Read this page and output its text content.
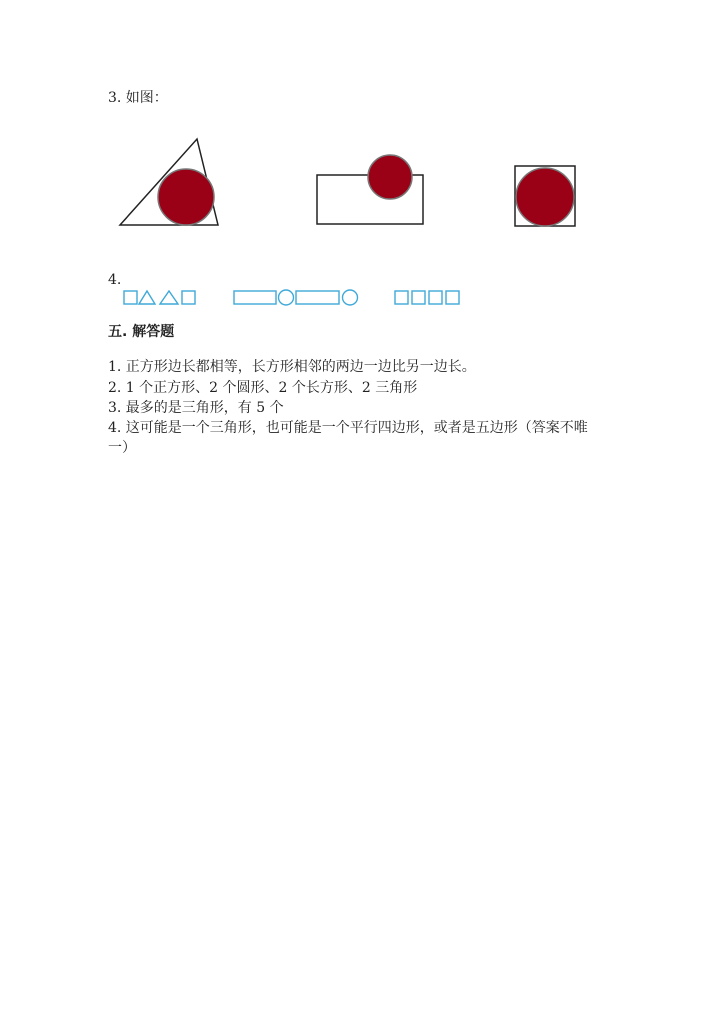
3. 如图：
4.
五. 解答题
1. 正方形边长都相等，长方形相邻的两边一边比另一边长。
2. 1 个正方形、2 个圆形、2 个长方形、2 三角形
3. 最多的是三角形，有 5 个
4. 这可能是一个三角形，也可能是一个平行四边形，或者是五边形（答案不唯
一）
